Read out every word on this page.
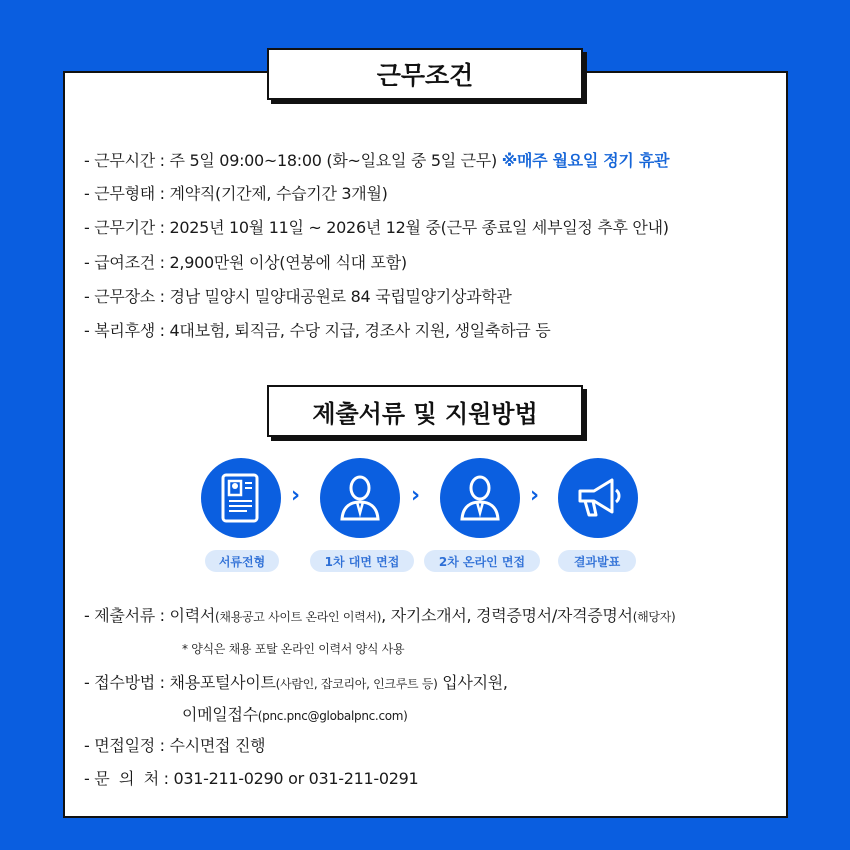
근무조건
- 근무시간 : 주 5일 09:00~18:00 (화~일요일 중 5일 근무) ※매주 월요일 정기 휴관
- 근무형태 : 계약직(기간제, 수습기간 3개월)
- 근무기간 : 2025년 10월 11일 ~ 2026년 12월 중(근무 종료일 세부일정 추후 안내)
- 급여조건 : 2,900만원 이상(연봉에 식대 포함)
- 근무장소 : 경남 밀양시 밀양대공원로 84 국립밀양기상과학관
- 복리후생 : 4대보험, 퇴직금, 수당 지급, 경조사 지원, 생일축하금 등
제출서류 및 지원방법
›	›	›
서류전형	1차 대면 면접	2차 온라인 면접	결과발표
- 제출서류 : 이력서(채용공고 사이트 온라인 이력서), 자기소개서, 경력증명서/자격증명서(해당자)
* 양식은 채용 포탈 온라인 이력서 양식 사용
- 접수방법 : 채용포털사이트(사람인, 잡코리아, 인크루트 등) 입사지원,
이메일접수(pnc.pnc@globalpnc.com)
- 면접일정 : 수시면접 진행
- 문  의  처 : 031-211-0290 or 031-211-0291
